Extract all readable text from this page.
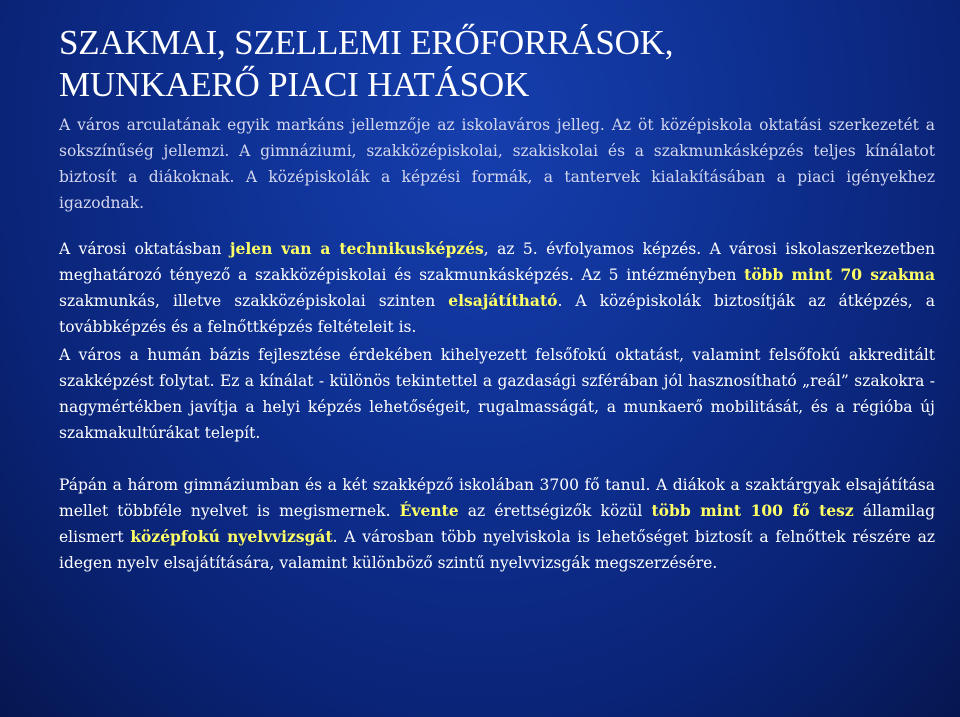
SZAKMAI, SZELLEMI ERŐFORRÁSOK,
MUNKAERŐ PIACI HATÁSOK

A város arculatának egyik markáns jellemzője az iskolaváros jelleg. Az öt középiskola oktatási szerkezetét a sokszínűség jellemzi. A gimnáziumi, szakközépiskolai, szakiskolai és a szakmunkásképzés teljes kínálatot biztosít a diákoknak. A középiskolák a képzési formák, a tantervek kialakításában a piaci igényekhez igazodnak.

A városi oktatásban jelen van a technikusképzés, az 5. évfolyamos képzés. A városi iskolaszerkezetben meghatározó tényező a szakközépiskolai és szakmunkásképzés. Az 5 intézményben több mint 70 szakma szakmunkás, illetve szakközépiskolai szinten elsajátítható. A középiskolák biztosítják az átképzés, a továbbképzés és a felnőttképzés feltételeit is.

A város a humán bázis fejlesztése érdekében kihelyezett felsőfokú oktatást, valamint felsőfokú akkreditált szakképzést folytat. Ez a kínálat - különös tekintettel a gazdasági szférában jól hasznosítható „reál” szakokra - nagymértékben javítja a helyi képzés lehetőségeit, rugalmasságát, a munkaerő mobilitását, és a régióba új szakmakultúrákat telepít.

Pápán a három gimnáziumban és a két szakképző iskolában 3700 fő tanul. A diákok a szaktárgyak elsajátítása mellet többféle nyelvet is megismernek. Évente az érettségizők közül több mint 100 fő tesz államilag elismert középfokú nyelvvizsgát. A városban több nyelviskola is lehetőséget biztosít a felnőttek részére az idegen nyelv elsajátítására, valamint különböző szintű nyelvvizsgák megszerzésére.
